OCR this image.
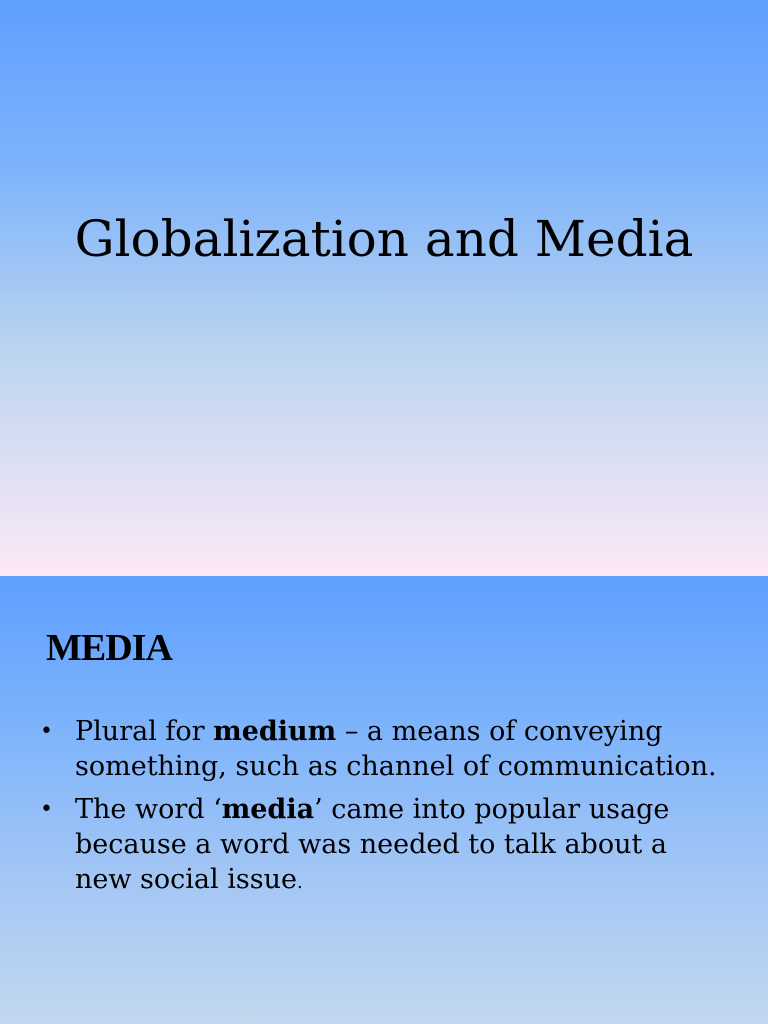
Globalization and Media
MEDIA
• Plural for medium – a means of conveying something, such as channel of communication.
• The word ‘media’ came into popular usage because a word was needed to talk about a new social issue.
